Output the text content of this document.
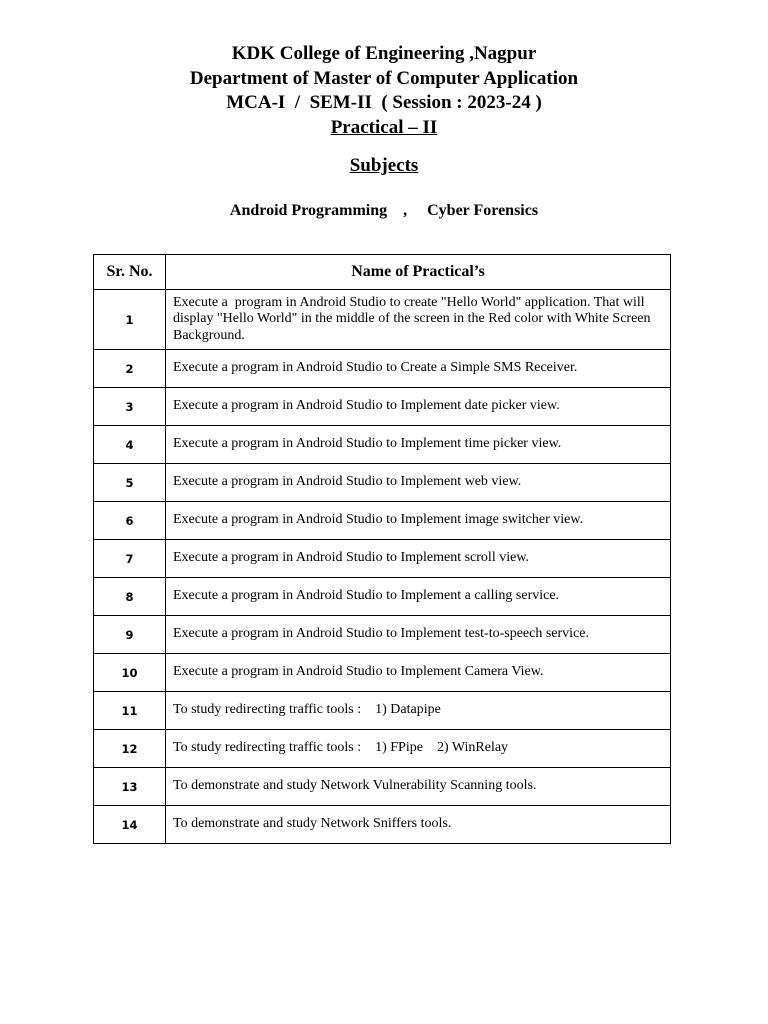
KDK College of Engineering ,Nagpur
Department of Master of Computer Application
MCA-I  /  SEM-II  ( Session : 2023-24 )
Practical – II
Subjects
Android Programming    ,     Cyber Forensics
Sr. No.	Name of Practical’s
1	Execute a  program in Android Studio to create "Hello World" application. That will display "Hello World" in the middle of the screen in the Red color with White Screen Background.
2	Execute a program in Android Studio to Create a Simple SMS Receiver.
3	Execute a program in Android Studio to Implement date picker view.
4	Execute a program in Android Studio to Implement time picker view.
5	Execute a program in Android Studio to Implement web view.
6	Execute a program in Android Studio to Implement image switcher view.
7	Execute a program in Android Studio to Implement scroll view.
8	Execute a program in Android Studio to Implement a calling service.
9	Execute a program in Android Studio to Implement test-to-speech service.
10	Execute a program in Android Studio to Implement Camera View.
11	To study redirecting traffic tools :    1) Datapipe
12	To study redirecting traffic tools :    1) FPipe    2) WinRelay
13	To demonstrate and study Network Vulnerability Scanning tools.
14	To demonstrate and study Network Sniffers tools.
